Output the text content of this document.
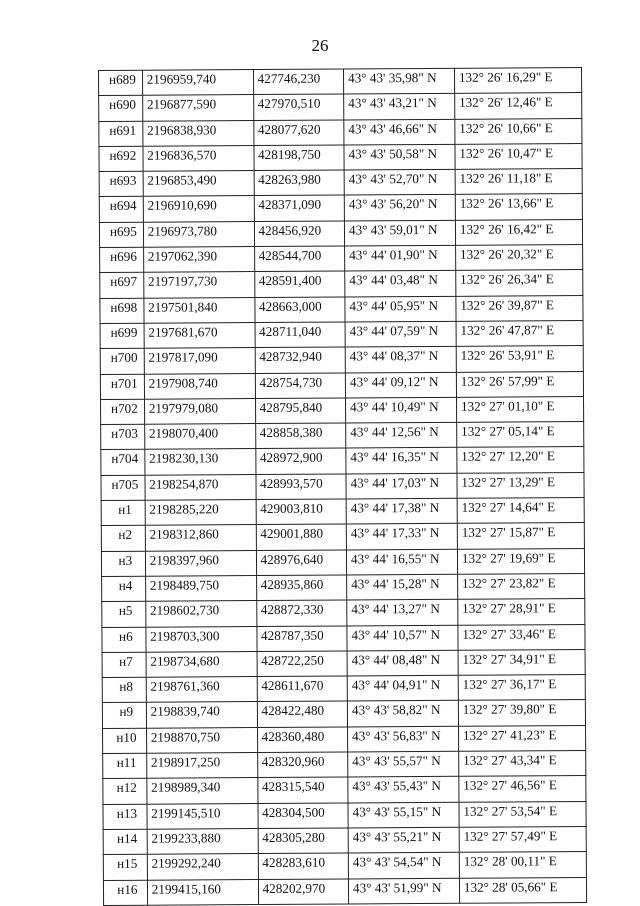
26
н689	2196959,740	427746,230	43° 43' 35,98" N	132° 26' 16,29" E
н690	2196877,590	427970,510	43° 43' 43,21" N	132° 26' 12,46" E
н691	2196838,930	428077,620	43° 43' 46,66" N	132° 26' 10,66" E
н692	2196836,570	428198,750	43° 43' 50,58" N	132° 26' 10,47" E
н693	2196853,490	428263,980	43° 43' 52,70" N	132° 26' 11,18" E
н694	2196910,690	428371,090	43° 43' 56,20" N	132° 26' 13,66" E
н695	2196973,780	428456,920	43° 43' 59,01" N	132° 26' 16,42" E
н696	2197062,390	428544,700	43° 44' 01,90" N	132° 26' 20,32" E
н697	2197197,730	428591,400	43° 44' 03,48" N	132° 26' 26,34" E
н698	2197501,840	428663,000	43° 44' 05,95" N	132° 26' 39,87" E
н699	2197681,670	428711,040	43° 44' 07,59" N	132° 26' 47,87" E
н700	2197817,090	428732,940	43° 44' 08,37" N	132° 26' 53,91" E
н701	2197908,740	428754,730	43° 44' 09,12" N	132° 26' 57,99" E
н702	2197979,080	428795,840	43° 44' 10,49" N	132° 27' 01,10" E
н703	2198070,400	428858,380	43° 44' 12,56" N	132° 27' 05,14" E
н704	2198230,130	428972,900	43° 44' 16,35" N	132° 27' 12,20" E
н705	2198254,870	428993,570	43° 44' 17,03" N	132° 27' 13,29" E
н1	2198285,220	429003,810	43° 44' 17,38" N	132° 27' 14,64" E
н2	2198312,860	429001,880	43° 44' 17,33" N	132° 27' 15,87" E
н3	2198397,960	428976,640	43° 44' 16,55" N	132° 27' 19,69" E
н4	2198489,750	428935,860	43° 44' 15,28" N	132° 27' 23,82" E
н5	2198602,730	428872,330	43° 44' 13,27" N	132° 27' 28,91" E
н6	2198703,300	428787,350	43° 44' 10,57" N	132° 27' 33,46" E
н7	2198734,680	428722,250	43° 44' 08,48" N	132° 27' 34,91" E
н8	2198761,360	428611,670	43° 44' 04,91" N	132° 27' 36,17" E
н9	2198839,740	428422,480	43° 43' 58,82" N	132° 27' 39,80" E
н10	2198870,750	428360,480	43° 43' 56,83" N	132° 27' 41,23" E
н11	2198917,250	428320,960	43° 43' 55,57" N	132° 27' 43,34" E
н12	2198989,340	428315,540	43° 43' 55,43" N	132° 27' 46,56" E
н13	2199145,510	428304,500	43° 43' 55,15" N	132° 27' 53,54" E
н14	2199233,880	428305,280	43° 43' 55,21" N	132° 27' 57,49" E
н15	2199292,240	428283,610	43° 43' 54,54" N	132° 28' 00,11" E
н16	2199415,160	428202,970	43° 43' 51,99" N	132° 28' 05,66" E
